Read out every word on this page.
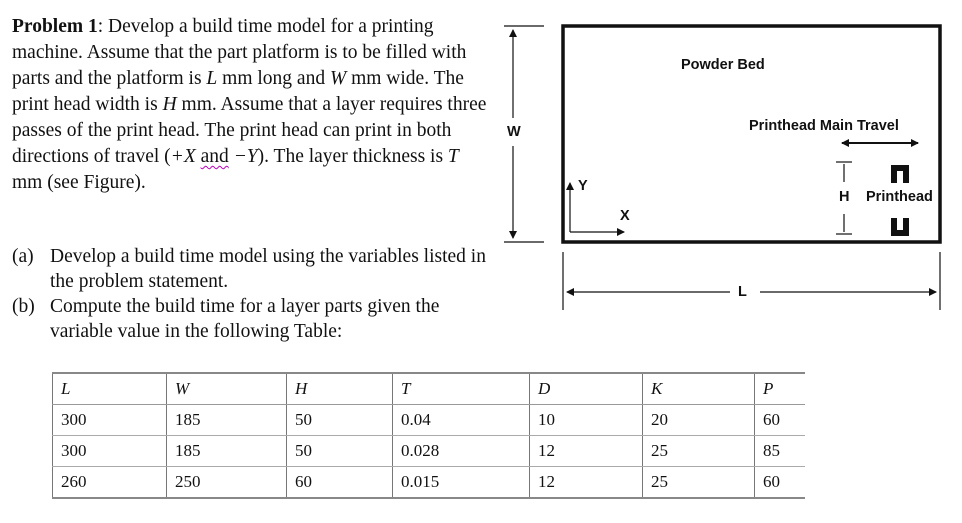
Problem 1: Develop a build time model for a printing machine. Assume that the part platform is to be filled with parts and the platform is L mm long and W mm wide. The print head width is H mm. Assume that a layer requires three passes of the print head. The print head can print in both directions of travel (+X and −Y). The layer thickness is T mm (see Figure).
(a) Develop a build time model using the variables listed in the problem statement.
(b) Compute the build time for a layer parts given the variable value in the following Table:
Powder Bed
Printhead Main Travel
W
L
H Printhead
Y
X
L	W	H	T	D	K	P
300	185	50	0.04	10	20	60
300	185	50	0.028	12	25	85
260	250	60	0.015	12	25	60
